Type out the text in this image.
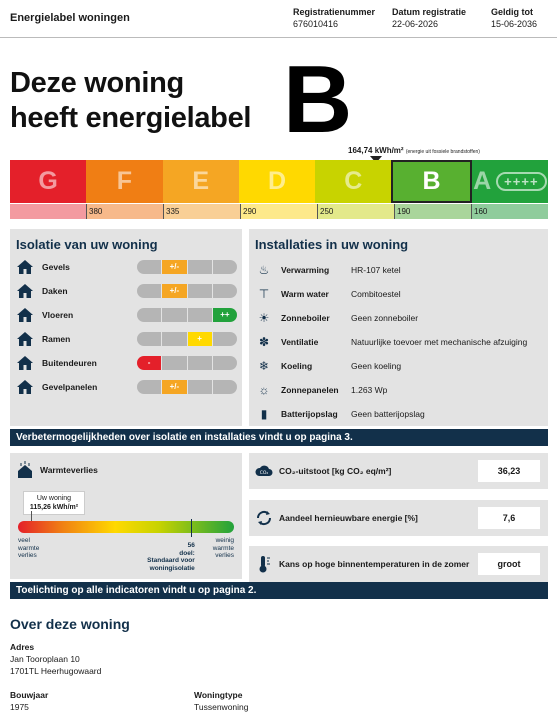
Energielabel woningen	Registratienummer
676010416
Datum registratie
22-06-2026
Geldig tot
15-06-2036
Deze woning
heeft energielabel B
164,74 kWh/m² (energie uit fossiele brandstoffen)
G F E D C B A	++++
380	335	290	250	190	160
Isolatie van uw woning
Gevels	+/-
Daken	+/-
Vloeren	++
Ramen	+
Buitendeuren	-
Gevelpanelen	+/-
Installaties in uw woning
♨	Verwarming	HR-107 ketel
⊤	Warm water	Combitoestel
☀	Zonneboiler	Geen zonneboiler
✽	Ventilatie	Natuurlijke toevoer met mechanische afzuiging
❄	Koeling	Geen koeling
☼	Zonnepanelen	1.263 Wp
▮	Batterijopslag	Geen batterijopslag
Verbetermogelijkheden over isolatie en installaties vindt u op pagina 3.
Warmteverlies
Uw woning
115,26 kWh/m²
veel
warmte
verlies
56
doel:
Standaard voor
woningisolatie
weinig
warmte
verlies
CO₂ CO₂-uitstoot [kg CO₂ eq/m²]	36,23
Aandeel hernieuwbare energie [%]	7,6
Kans op hoge binnentemperaturen in de zomer	groot
Toelichting op alle indicatoren vindt u op pagina 2.
Over deze woning
Adres
Jan Tooroplaan 10
1701TL Heerhugowaard
Bouwjaar
1975
Woningtype
Tussenwoning
